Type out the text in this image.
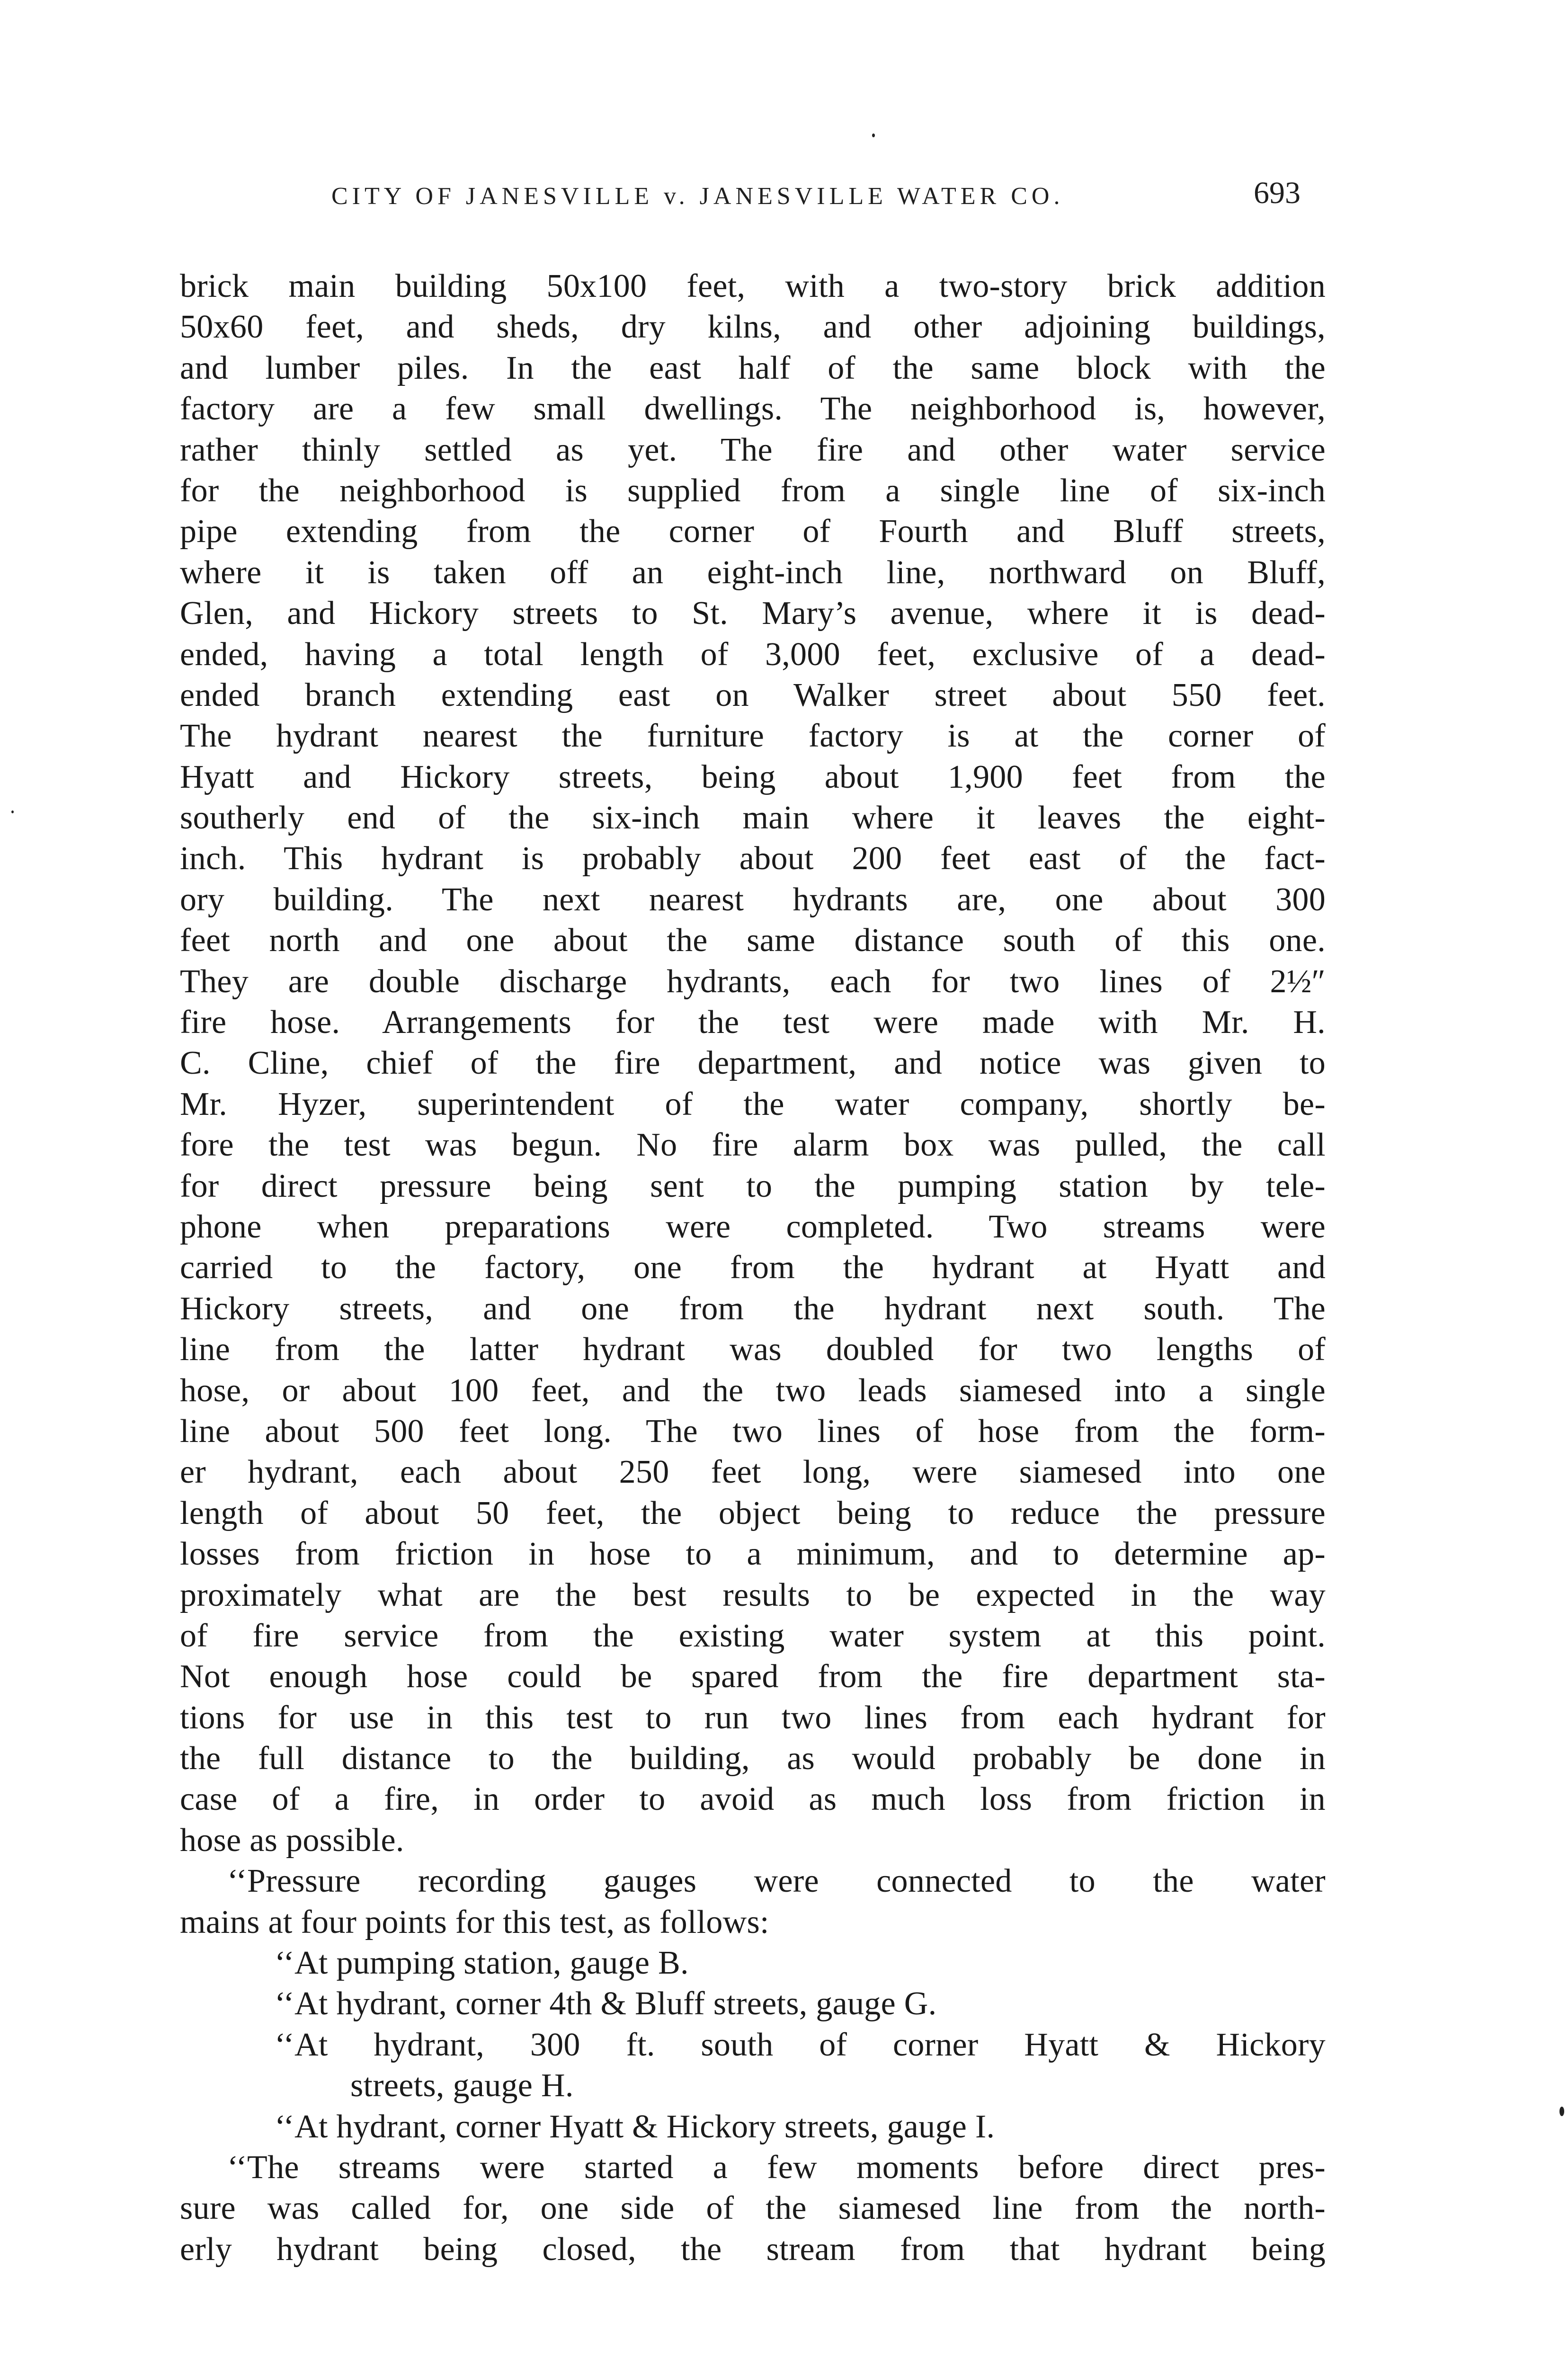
CITY OF JANESVILLE v. JANESVILLE WATER CO.	693
brick main building 50x100 feet, with a two-story brick addition
50x60 feet, and sheds, dry kilns, and other adjoining buildings,
and lumber piles. In the east half of the same block with the
factory are a few small dwellings. The neighborhood is, however,
rather thinly settled as yet. The fire and other water service
for the neighborhood is supplied from a single line of six-inch
pipe extending from the corner of Fourth and Bluff streets,
where it is taken off an eight-inch line, northward on Bluff,
Glen, and Hickory streets to St. Mary’s avenue, where it is dead-
ended, having a total length of 3,000 feet, exclusive of a dead-
ended branch extending east on Walker street about 550 feet.
The hydrant nearest the furniture factory is at the corner of
Hyatt and Hickory streets, being about 1,900 feet from the
southerly end of the six-inch main where it leaves the eight-
inch. This hydrant is probably about 200 feet east of the fact-
ory building. The next nearest hydrants are, one about 300
feet north and one about the same distance south of this one.
They are double discharge hydrants, each for two lines of 2½″
fire hose. Arrangements for the test were made with Mr. H.
C. Cline, chief of the fire department, and notice was given to
Mr. Hyzer, superintendent of the water company, shortly be-
fore the test was begun. No fire alarm box was pulled, the call
for direct pressure being sent to the pumping station by tele-
phone when preparations were completed. Two streams were
carried to the factory, one from the hydrant at Hyatt and
Hickory streets, and one from the hydrant next south. The
line from the latter hydrant was doubled for two lengths of
hose, or about 100 feet, and the two leads siamesed into a single
line about 500 feet long. The two lines of hose from the form-
er hydrant, each about 250 feet long, were siamesed into one
length of about 50 feet, the object being to reduce the pressure
losses from friction in hose to a minimum, and to determine ap-
proximately what are the best results to be expected in the way
of fire service from the existing water system at this point.
Not enough hose could be spared from the fire department sta-
tions for use in this test to run two lines from each hydrant for
the full distance to the building, as would probably be done in
case of a fire, in order to avoid as much loss from friction in
hose as possible.
‘‘Pressure recording gauges were connected to the water
mains at four points for this test, as follows:
‘‘At pumping station, gauge B.
‘‘At hydrant, corner 4th & Bluff streets, gauge G.
‘‘At hydrant, 300 ft. south of corner Hyatt & Hickory
streets, gauge H.
‘‘At hydrant, corner Hyatt & Hickory streets, gauge I.
‘‘The streams were started a few moments before direct pres-
sure was called for, one side of the siamesed line from the north-
erly hydrant being closed, the stream from that hydrant being
